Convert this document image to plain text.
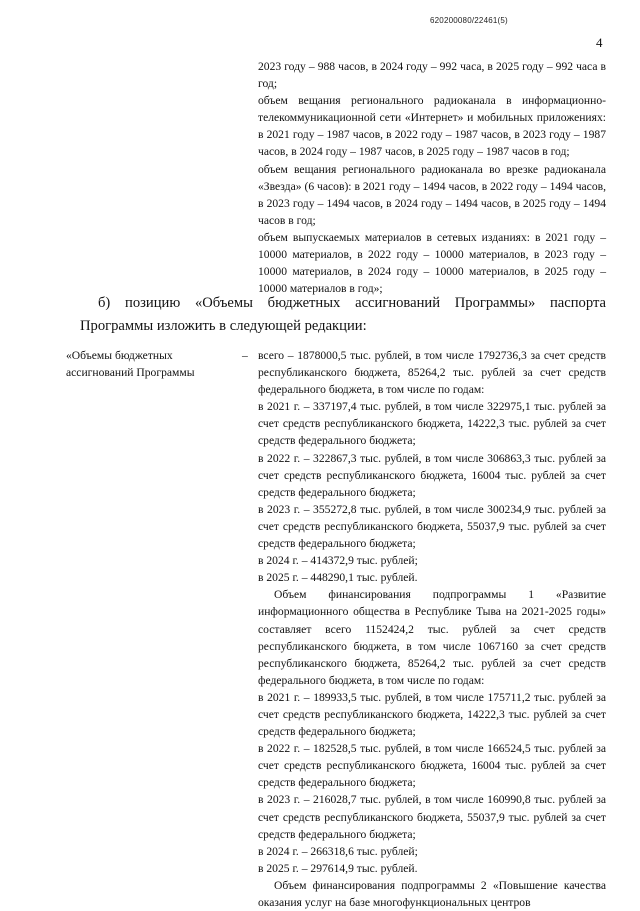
620200080/22461(5)
4

2023 году – 988 часов, в 2024 году – 992 часа, в 2025 году – 992 часа в год;

объем вещания регионального радиоканала в информационно-телекоммуникационной сети «Интернет» и мобильных приложениях: в 2021 году – 1987 часов, в 2022 году – 1987 часов, в 2023 году – 1987 часов, в 2024 году – 1987 часов, в 2025 году – 1987 часов в год;

объем вещания регионального радиоканала во врезке радиоканала «Звезда» (6 часов): в 2021 году – 1494 часов, в 2022 году – 1494 часов, в 2023 году – 1494 часов, в 2024 году – 1494 часов, в 2025 году – 1494 часов в год;

объем выпускаемых материалов в сетевых изданиях: в 2021 году – 10000 материалов, в 2022 году – 10000 материалов, в 2023 году – 10000 материалов, в 2024 году – 10000 материалов, в 2025 году – 10000 материалов в год»;

б) позицию «Объемы бюджетных ассигнований Программы» паспорта Программы изложить в следующей редакции:
«Объемы бюджетных ассигнований Программы
– всего – 1878000,5 тыс. рублей, в том числе 1792736,3 за счет средств республиканского бюджета, 85264,2 тыс. рублей за счет средств федерального бюджета, в том числе по годам:

в 2021 г. – 337197,4 тыс. рублей, в том числе 322975,1 тыс. рублей за счет средств республиканского бюджета, 14222,3 тыс. рублей за счет средств федерального бюджета;

в 2022 г. – 322867,3 тыс. рублей, в том числе 306863,3 тыс. рублей за счет средств республиканского бюджета, 16004 тыс. рублей за счет средств федерального бюджета;

в 2023 г. – 355272,8 тыс. рублей, в том числе 300234,9 тыс. рублей за счет средств республиканского бюджета, 55037,9 тыс. рублей за счет средств федерального бюджета;

в 2024 г. – 414372,9 тыс. рублей;

в 2025 г. – 448290,1 тыс. рублей.

Объем финансирования подпрограммы 1 «Развитие информационного общества в Республике Тыва на 2021-2025 годы» составляет всего 1152424,2 тыс. рублей за счет средств республиканского бюджета, в том числе 1067160 за счет средств республиканского бюджета, 85264,2 тыс. рублей за счет средств федерального бюджета, в том числе по годам:

в 2021 г. – 189933,5 тыс. рублей, в том числе 175711,2 тыс. рублей за счет средств республиканского бюджета, 14222,3 тыс. рублей за счет средств федерального бюджета;

в 2022 г. – 182528,5 тыс. рублей, в том числе 166524,5 тыс. рублей за счет средств республиканского бюджета, 16004 тыс. рублей за счет средств федерального бюджета;

в 2023 г. – 216028,7 тыс. рублей, в том числе 160990,8 тыс. рублей за счет средств республиканского бюджета, 55037,9 тыс. рублей за счет средств федерального бюджета;

в 2024 г. – 266318,6 тыс. рублей;

в 2025 г. – 297614,9 тыс. рублей.

Объем финансирования подпрограммы 2 «Повышение качества оказания услуг на базе многофункциональных центров
